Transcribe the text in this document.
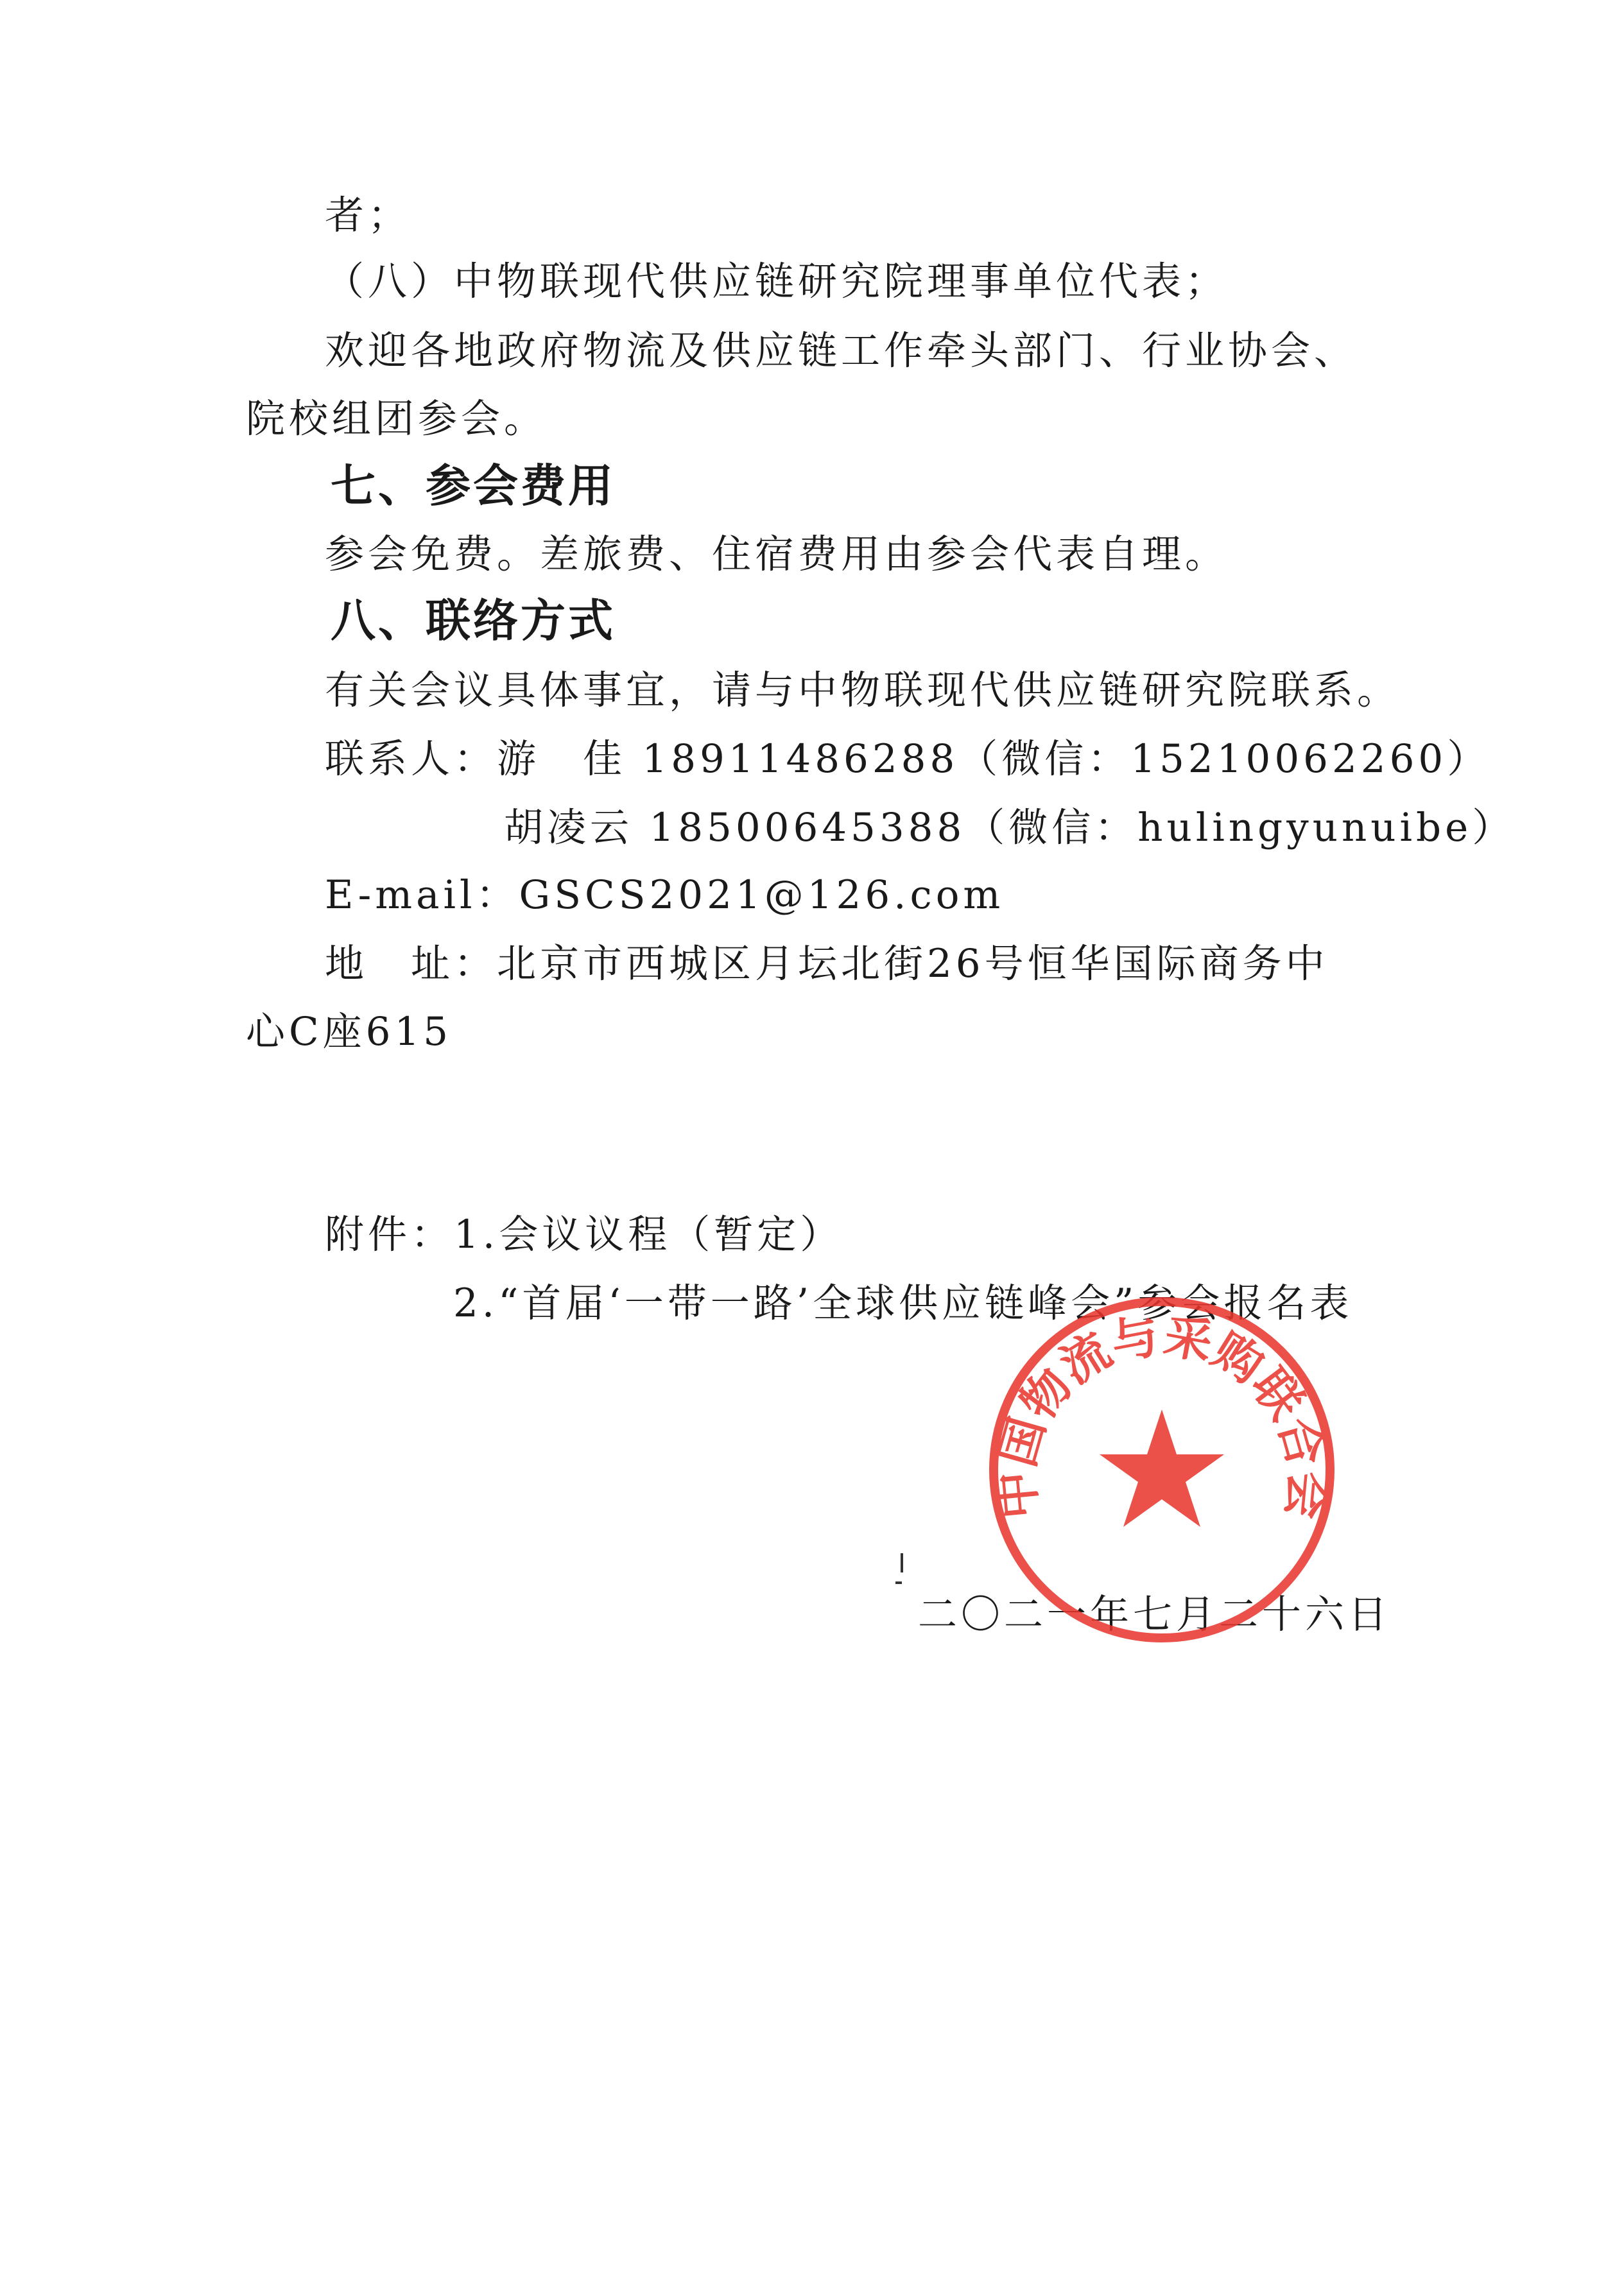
者；
（八）中物联现代供应链研究院理事单位代表；
欢迎各地政府物流及供应链工作牵头部门、行业协会、
院校组团参会。
七、参会费用
参会免费。差旅费、住宿费用由参会代表自理。
八、联络方式
有关会议具体事宜，请与中物联现代供应链研究院联系。
联系人：游　佳 18911486288（微信：15210062260）
胡凌云 18500645388（微信：hulingyunuibe）
E-mail：GSCS2021@126.com
地　址：北京市西城区月坛北街26号恒华国际商务中
心C座615
附件：1.会议议程（暂定）
2.“首届‘一带一路’全球供应链峰会”参会报名表
二〇二一年七月二十六日
中国物流与采购联合会
